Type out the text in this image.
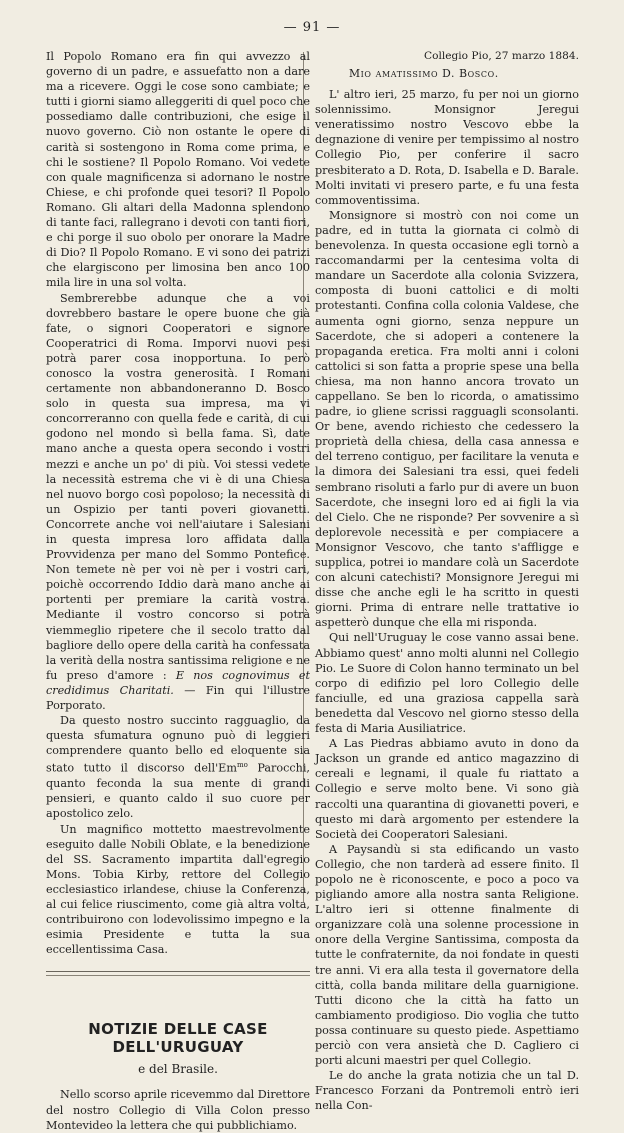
— 91 —

Il Popolo Romano era fin qui avvezzo al governo di un padre, e assuefatto non a dare ma a ricevere. Oggi le cose sono cambiate; e tutti i giorni siamo alleggeriti di quel poco che possediamo dalle contribuzioni, che esige il nuovo governo. Ciò non ostante le opere di carità si sostengono in Roma come prima, e chi le sostiene? Il Popolo Romano. Voi vedete con quale magnificenza si adornano le nostre Chiese, e chi profonde quei tesori? Il Popolo Romano. Gli altari della Madonna splendono di tante faci, rallegrano i devoti con tanti fiori, e chi porge il suo obolo per onorare la Madre di Dio? Il Popolo Romano. E vi sono dei patrizi che elargiscono per limosina ben anco 100 mila lire in una sol volta.

Sembrerebbe adunque che a voi dovrebbero bastare le opere buone che già fate, o signori Cooperatori e signore Cooperatrici di Roma. Imporvi nuovi pesi potrà parer cosa inopportuna. Io però conosco la vostra generosità. I Romani certamente non abbandoneranno D. Bosco solo in questa sua impresa, ma vi concorreranno con quella fede e carità, di cui godono nel mondo sì bella fama. Sì, date mano anche a questa opera secondo i vostri mezzi e anche un po' di più. Voi stessi vedete la necessità estrema che vi è di una Chiesa nel nuovo borgo così popoloso; la necessità di un Ospizio per tanti poveri giovanetti. Concorrete anche voi nell'aiutare i Salesiani in questa impresa loro affidata dalla Provvidenza per mano del Sommo Pontefice. Non temete nè per voi nè per i vostri cari, poichè occorrendo Iddio darà mano anche ai portenti per premiare la carità vostra. Mediante il vostro concorso si potrà viemmeglio ripetere che il secolo tratto dal bagliore dello opere della carità ha confessata la verità della nostra santissima religione e ne fu preso d'amore : E nos cognovimus et credidimus Charitati. — Fin qui l'illustre Porporato.

Da questo nostro succinto ragguaglio, da questa sfumatura ognuno può di leggieri comprendere quanto bello ed eloquente sia stato tutto il discorso $dell'Em^{mo}$ Parocchi, quanto feconda la sua mente di grandi pensieri, e quanto caldo il suo cuore per apostolico zelo.

Un magnifico mottetto maestrevolmente eseguito dalle Nobili Oblate, e la benedizione del SS. Sacramento impartita dall'egregio Mons. Tobia Kirby, rettore del Collegio ecclesiastico irlandese, chiuse la Conferenza, al cui felice riuscimento, come già altra volta, contribuirono con lodevolissimo impegno e la esimia Presidente e tutta la sua eccellentissima Casa.

NOTIZIE DELLE CASE DELL'URUGUAY
e del Brasile.

Nello scorso aprile ricevemmo dal Direttore del nostro Collegio di Villa Colon presso Montevideo la lettera che qui pubblichiamo.

Collegio Pio, 27 marzo 1884.
Mio amatissimo D. Bosco.

L' altro ieri, 25 marzo, fu per noi un giorno solennissimo. Monsignor Jeregui veneratissimo nostro Vescovo ebbe la degnazione di venire per tempissimo al nostro Collegio Pio, per conferire il sacro presbiterato a D. Rota, D. Isabella e D. Barale. Molti invitati vi presero parte, e fu una festa commoventissima.

Monsignore si mostrò con noi come un padre, ed in tutta la giornata ci colmò di benevolenza. In questa occasione egli tornò a raccomandarmi per la centesima volta di mandare un Sacerdote alla colonia Svizzera, composta di buoni cattolici e di molti protestanti. Confina colla colonia Valdese, che aumenta ogni giorno, senza neppure un Sacerdote, che si adoperi a contenere la propaganda eretica. Fra molti anni i coloni cattolici si son fatta a proprie spese una bella chiesa, ma non hanno ancora trovato un cappellano. Se ben lo ricorda, o amatissimo padre, io gliene scrissi ragguagli sconsolanti. Or bene, avendo richiesto che cedessero la proprietà della chiesa, della casa annessa e del terreno contiguo, per facilitare la venuta e la dimora dei Salesiani tra essi, quei fedeli sembrano risoluti a farlo pur di avere un buon Sacerdote, che insegni loro ed ai figli la via del Cielo. Che ne risponde? Per sovvenire a sì deplorevole necessità e per compiacere a Monsignor Vescovo, che tanto s'affligge e supplica, potrei io mandare colà un Sacerdote con alcuni catechisti? Monsignore Jeregui mi disse che anche egli le ha scritto in questi giorni. Prima di entrare nelle trattative io aspetterò dunque che ella mi risponda.

Qui nell'Uruguay le cose vanno assai bene. Abbiamo quest' anno molti alunni nel Collegio Pio. Le Suore di Colon hanno terminato un bel corpo di edifizio pel loro Collegio delle fanciulle, ed una graziosa cappella sarà benedetta dal Vescovo nel giorno stesso della festa di Maria Ausiliatrice.

A Las Piedras abbiamo avuto in dono da Jackson un grande ed antico magazzino di cereali e legnami, il quale fu riattato a Collegio e serve molto bene. Vi sono già raccolti una quarantina di giovanetti poveri, e questo mi darà argomento per estendere la Società dei Cooperatori Salesiani.

A Paysandù si sta edificando un vasto Collegio, che non tarderà ad essere finito. Il popolo ne è riconoscente, e poco a poco va pigliando amore alla nostra santa Religione. L'altro ieri si ottenne finalmente di organizzare colà una solenne processione in onore della Vergine Santissima, composta da tutte le confraternite, da noi fondate in questi tre anni. Vi era alla testa il governatore della città, colla banda militare della guarnigione. Tutti dicono che la città ha fatto un cambiamento prodigioso. Dio voglia che tutto possa continuare su questo piede. Aspettiamo perciò con vera ansietà che D. Cagliero ci porti alcuni maestri per quel Collegio.

Le do anche la grata notizia che un tal D. Francesco Forzani da Pontremoli entrò ieri nella Con-
